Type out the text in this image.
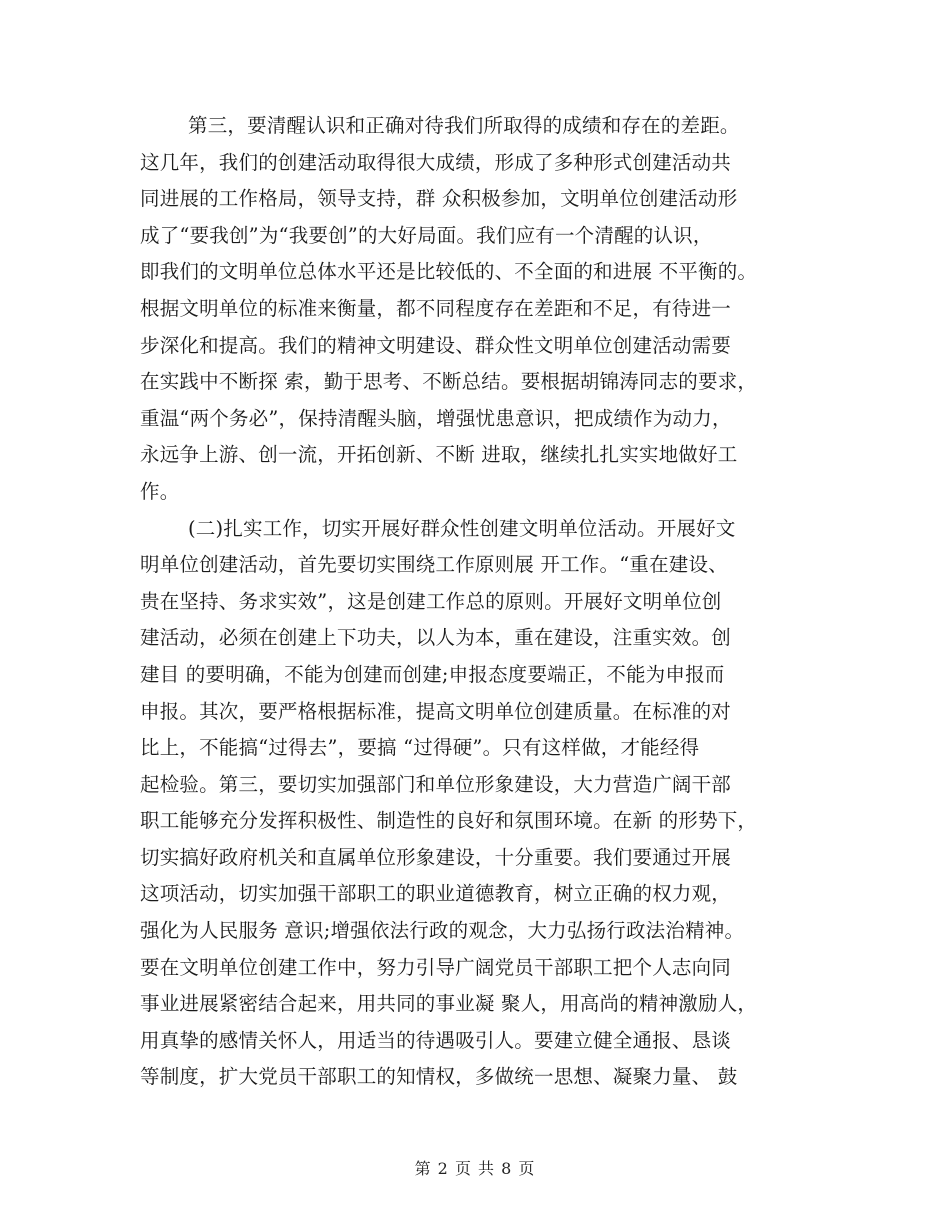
第三，要清醒认识和正确对待我们所取得的成绩和存在的差距。
这几年，我们的创建活动取得很大成绩，形成了多种形式创建活动共
同进展的工作格局，领导支持，群 众积极参加，文明单位创建活动形
成了“要我创”为“我要创”的大好局面。我们应有一个清醒的认识，
即我们的文明单位总体水平还是比较低的、不全面的和进展 不平衡的。
根据文明单位的标准来衡量，都不同程度存在差距和不足，有待进一
步深化和提高。我们的精神文明建设、群众性文明单位创建活动需要
在实践中不断探 索，勤于思考、不断总结。要根据胡锦涛同志的要求，
重温“两个务必”，保持清醒头脑，增强忧患意识，把成绩作为动力，
永远争上游、创一流，开拓创新、不断 进取，继续扎扎实实地做好工
作。
(二)扎实工作，切实开展好群众性创建文明单位活动。开展好文
明单位创建活动，首先要切实围绕工作原则展 开工作。“重在建设、
贵在坚持、务求实效”，这是创建工作总的原则。开展好文明单位创
建活动，必须在创建上下功夫，以人为本，重在建设，注重实效。创
建目 的要明确，不能为创建而创建;申报态度要端正，不能为申报而
申报。其次，要严格根据标准，提高文明单位创建质量。在标准的对
比上，不能搞“过得去”，要搞 “过得硬”。只有这样做，才能经得
起检验。第三，要切实加强部门和单位形象建设，大力营造广阔干部
职工能够充分发挥积极性、制造性的良好和氛围环境。在新 的形势下，
切实搞好政府机关和直属单位形象建设，十分重要。我们要通过开展
这项活动，切实加强干部职工的职业道德教育，树立正确的权力观，
强化为人民服务 意识;增强依法行政的观念，大力弘扬行政法治精神。
要在文明单位创建工作中，努力引导广阔党员干部职工把个人志向同
事业进展紧密结合起来，用共同的事业凝 聚人，用高尚的精神激励人，
用真挚的感情关怀人，用适当的待遇吸引人。要建立健全通报、恳谈
等制度，扩大党员干部职工的知情权，多做统一思想、凝聚力量、 鼓
第 2 页 共 8 页
